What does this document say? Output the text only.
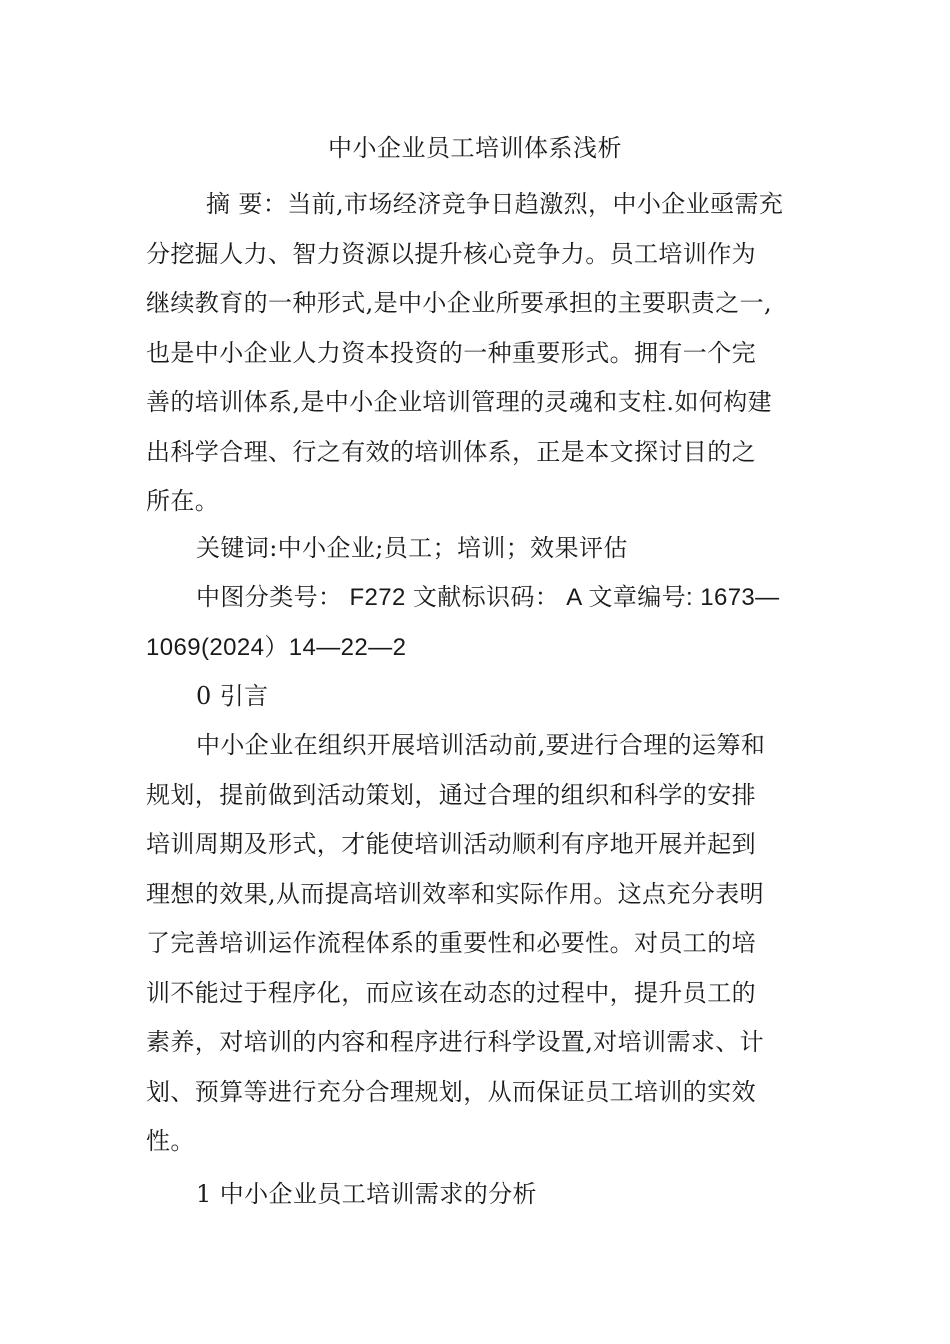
中小企业员工培训体系浅析
摘 要：当前,市场经济竞争日趋激烈，中小企业亟需充
分挖掘人力、智力资源以提升核心竞争力。员工培训作为
继续教育的一种形式,是中小企业所要承担的主要职责之一,
也是中小企业人力资本投资的一种重要形式。拥有一个完
善的培训体系,是中小企业培训管理的灵魂和支柱.如何构建
出科学合理、行之有效的培训体系，正是本文探讨目的之
所在。
关键词:中小企业;员工；培训；效果评估
中图分类号： F272 文献标识码： A 文章编号: 1673—
1069(2024）14—22—2
0 引言
中小企业在组织开展培训活动前,要进行合理的运筹和
规划，提前做到活动策划，通过合理的组织和科学的安排
培训周期及形式，才能使培训活动顺利有序地开展并起到
理想的效果,从而提高培训效率和实际作用。这点充分表明
了完善培训运作流程体系的重要性和必要性。对员工的培
训不能过于程序化，而应该在动态的过程中，提升员工的
素养，对培训的内容和程序进行科学设置,对培训需求、计
划、预算等进行充分合理规划，从而保证员工培训的实效
性。
1 中小企业员工培训需求的分析
